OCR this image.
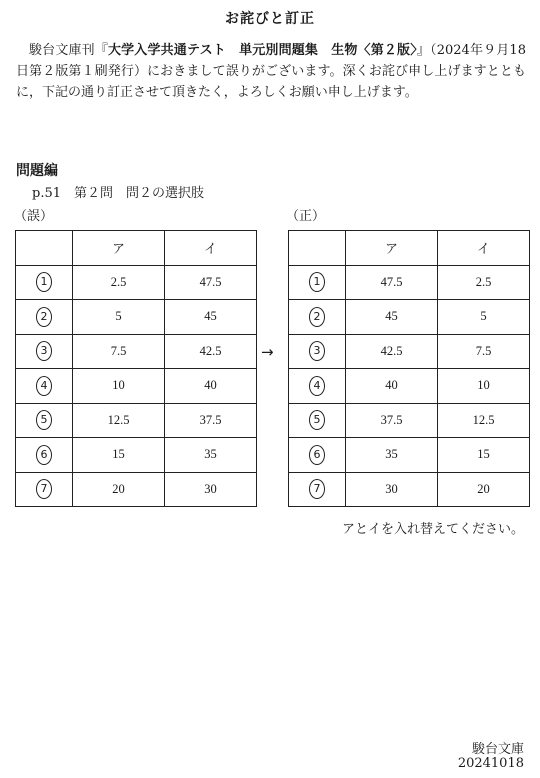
お詫びと訂正
駿台文庫刊『大学入学共通テスト　単元別問題集　生物〈第２版〉』（2024年９月18日第２版第１刷発行）におきまして誤りがございます。深くお詫び申し上げますとともに，下記の通り訂正させて頂きたく，よろしくお願い申し上げます。
問題編
p.51　第２問　問２の選択肢
（誤）	（正）
	ア	イ
1	2.5	47.5
2	5	45
3	7.5	42.5
4	10	40
5	12.5	37.5
6	15	35
7	20	30
→
	ア	イ
1	47.5	2.5
2	45	5
3	42.5	7.5
4	40	10
5	37.5	12.5
6	35	15
7	30	20
アとイを入れ替えてください。
駿台文庫
20241018
